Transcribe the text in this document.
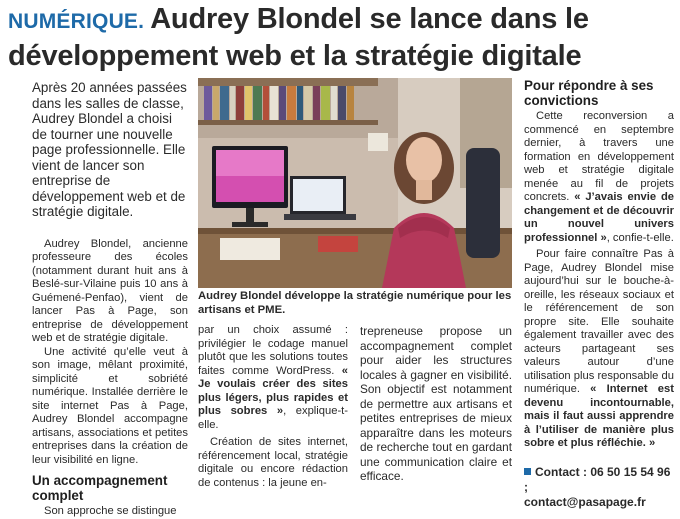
NUMÉRIQUE. Audrey Blondel se lance dans le développement web et la stratégie digitale
Après 20 années passées dans les salles de classe, Audrey Blondel a choisi de tourner une nouvelle page professionnelle. Elle vient de lancer son entreprise de développement web et de stratégie digitale.
Audrey Blondel, ancienne professeure des écoles (notamment durant huit ans à Beslé-sur-Vilaine puis 10 ans à Guémené-Penfao), vient de lancer Pas à Page, son entreprise de développement web et de stratégie digitale.
Une activité qu’elle veut à son image, mêlant proximité, simplicité et sobriété numérique. Installée derrière le site internet Pas à Page, Audrey Blondel accompagne artisans, associations et petites entreprises dans la création de leur visibilité en ligne.
Un accompagnement complet
Son approche se distingue
Audrey Blondel développe la stratégie numérique pour les artisans et PME.
par un choix assumé : privilégier le codage manuel plutôt que les solutions toutes faites comme WordPress. « Je voulais créer des sites plus légers, plus rapides et plus sobres », explique-t-elle.
Création de sites internet, référencement local, stratégie digitale ou encore rédaction de contenus : la jeune en-
trepreneuse propose un accompagnement complet pour aider les structures locales à gagner en visibilité. Son objectif est notamment de permettre aux artisans et petites entreprises de mieux apparaître dans les moteurs de recherche tout en gardant une communication claire et efficace.
Pour répondre à ses convictions
Cette reconversion a commencé en septembre dernier, à travers une formation en développement web et stratégie digitale menée au fil de projets concrets. « J’avais envie de changement et de découvrir un nouvel univers professionnel », confie-t-elle.
Pour faire connaître Pas à Page, Audrey Blondel mise aujourd’hui sur le bouche-à-oreille, les réseaux sociaux et le référencement de son propre site. Elle souhaite également travailler avec des acteurs partageant ses valeurs autour d’une utilisation plus responsable du numérique. « Internet est devenu incontournable, mais il faut aussi apprendre à l’utiliser de manière plus sobre et plus réfléchie. »
Contact : 06 50 15 54 96 ;
contact@pasapage.fr
